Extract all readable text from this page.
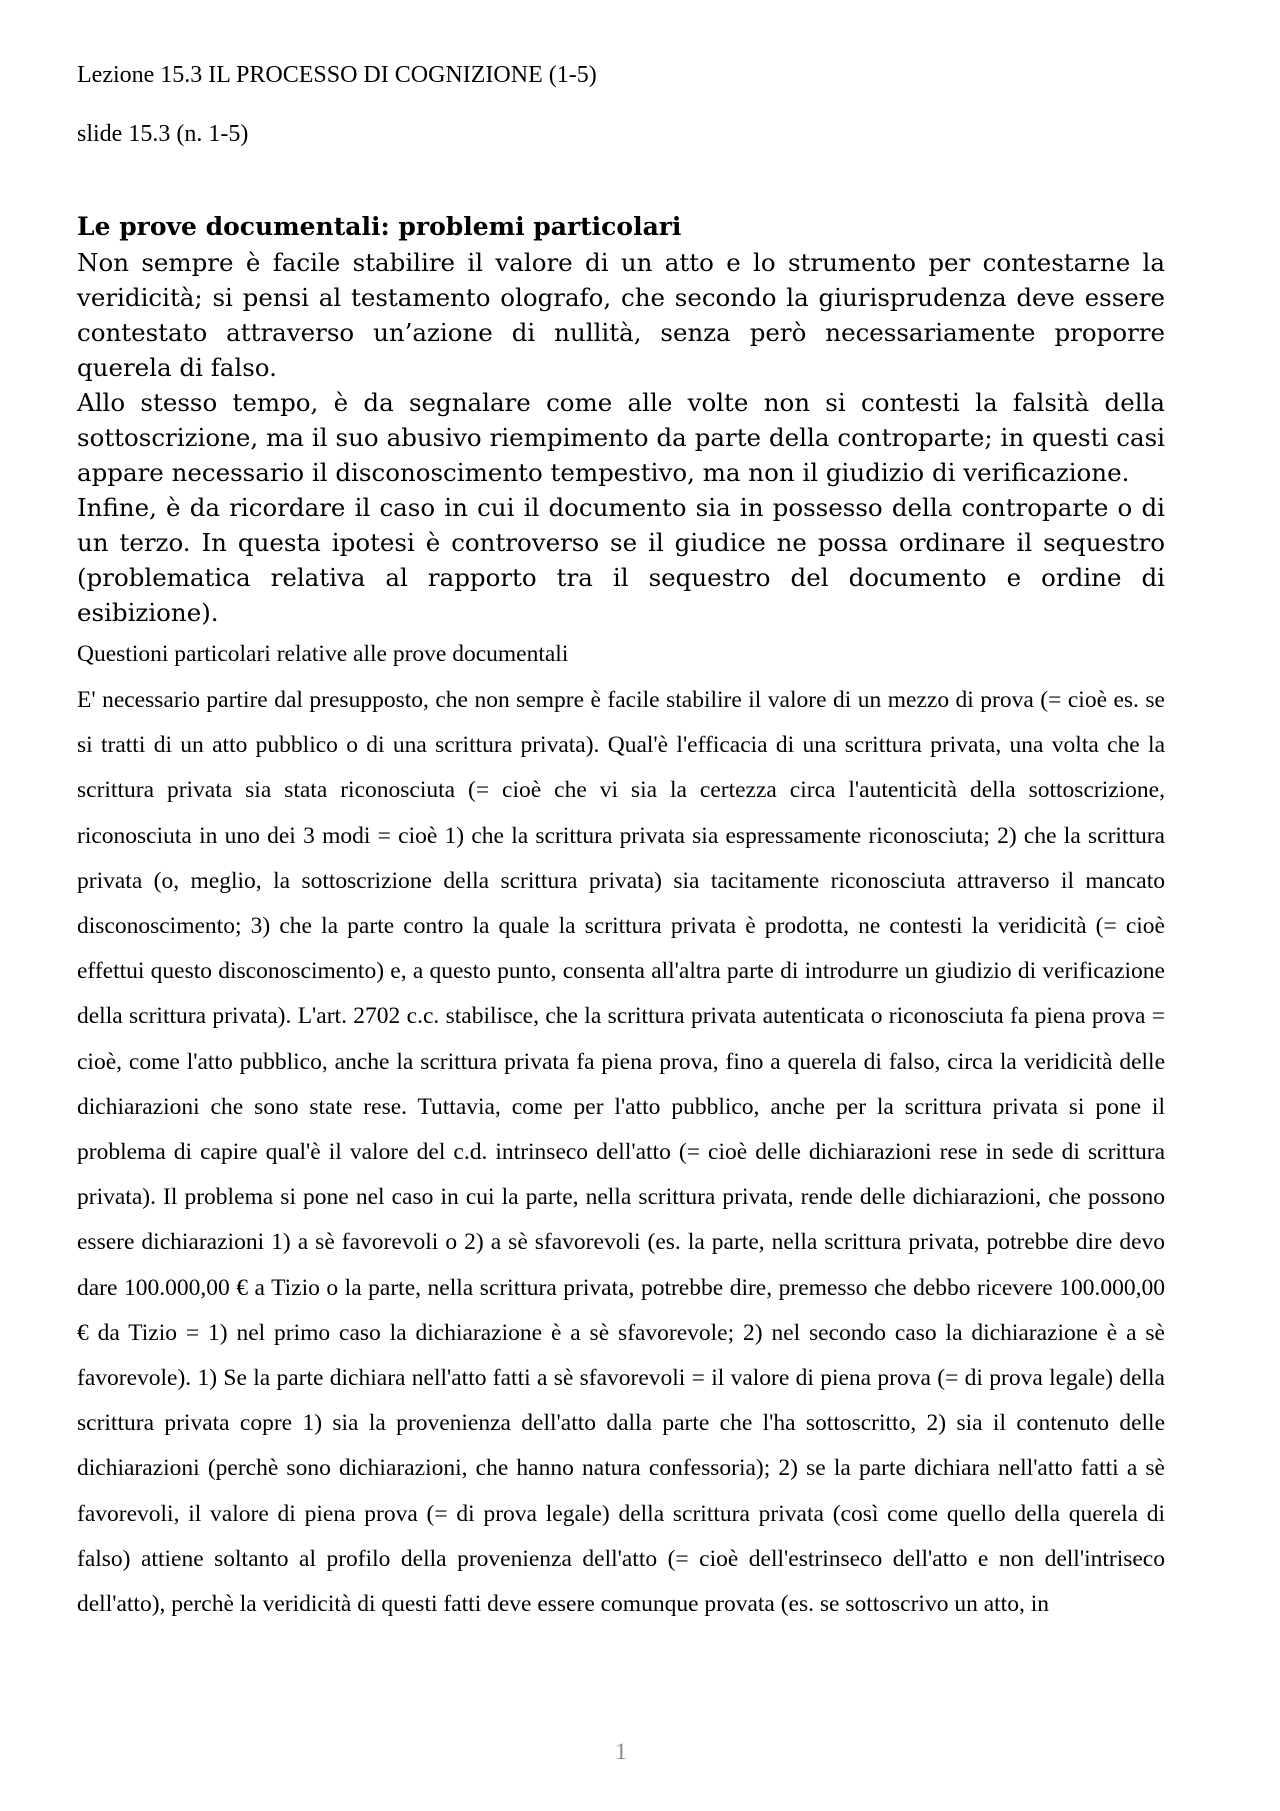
Lezione 15.3 IL PROCESSO DI COGNIZIONE (1-5)
slide 15.3 (n. 1-5)
Le prove documentali: problemi particolari

Non sempre è facile stabilire il valore di un atto e lo strumento per contestarne la veridicità; si pensi al testamento olografo, che secondo la giurisprudenza deve essere contestato attraverso un’azione di nullità, senza però necessariamente proporre querela di falso.

Allo stesso tempo, è da segnalare come alle volte non si contesti la falsità della sottoscrizione, ma il suo abusivo riempimento da parte della controparte; in questi casi appare necessario il disconoscimento tempestivo, ma non il giudizio di verificazione.

Infine, è da ricordare il caso in cui il documento sia in possesso della controparte o di un terzo. In questa ipotesi è controverso se il giudice ne possa ordinare il sequestro (problematica relativa al rapporto tra il sequestro del documento e ordine di esibizione).

Questioni particolari relative alle prove documentali

E' necessario partire dal presupposto, che non sempre è facile stabilire il valore di un mezzo di prova (= cioè es. se si tratti di un atto pubblico o di una scrittura privata). Qual'è l'efficacia di una scrittura privata, una volta che la scrittura privata sia stata riconosciuta (= cioè che vi sia la certezza circa l'autenticità della sottoscrizione, riconosciuta in uno dei 3 modi = cioè 1) che la scrittura privata sia espressamente riconosciuta; 2) che la scrittura privata (o, meglio, la sottoscrizione della scrittura privata) sia tacitamente riconosciuta attraverso il mancato disconoscimento; 3) che la parte contro la quale la scrittura privata è prodotta, ne contesti la veridicità (= cioè effettui questo disconoscimento) e, a questo punto, consenta all'altra parte di introdurre un giudizio di verificazione della scrittura privata). L'art. 2702 c.c. stabilisce, che la scrittura privata autenticata o riconosciuta fa piena prova = cioè, come l'atto pubblico, anche la scrittura privata fa piena prova, fino a querela di falso, circa la veridicità delle dichiarazioni che sono state rese. Tuttavia, come per l'atto pubblico, anche per la scrittura privata si pone il problema di capire qual'è il valore del c.d. intrinseco dell'atto (= cioè delle dichiarazioni rese in sede di scrittura privata). Il problema si pone nel caso in cui la parte, nella scrittura privata, rende delle dichiarazioni, che possono essere dichiarazioni 1) a sè favorevoli o 2) a sè sfavorevoli (es. la parte, nella scrittura privata, potrebbe dire devo dare 100.000,00 € a Tizio o la parte, nella scrittura privata, potrebbe dire, premesso che debbo ricevere 100.000,00 € da Tizio = 1) nel primo caso la dichiarazione è a sè sfavorevole; 2) nel secondo caso la dichiarazione è a sè favorevole). 1) Se la parte dichiara nell'atto fatti a sè sfavorevoli = il valore di piena prova (= di prova legale) della scrittura privata copre 1) sia la provenienza dell'atto dalla parte che l'ha sottoscritto, 2) sia il contenuto delle dichiarazioni (perchè sono dichiarazioni, che hanno natura confessoria); 2) se la parte dichiara nell'atto fatti a sè favorevoli, il valore di piena prova (= di prova legale) della scrittura privata (così come quello della querela di falso) attiene soltanto al profilo della provenienza dell'atto (= cioè dell'estrinseco dell'atto e non dell'intriseco dell'atto), perchè la veridicità di questi fatti deve essere comunque provata (es. se sottoscrivo un atto, in

1
